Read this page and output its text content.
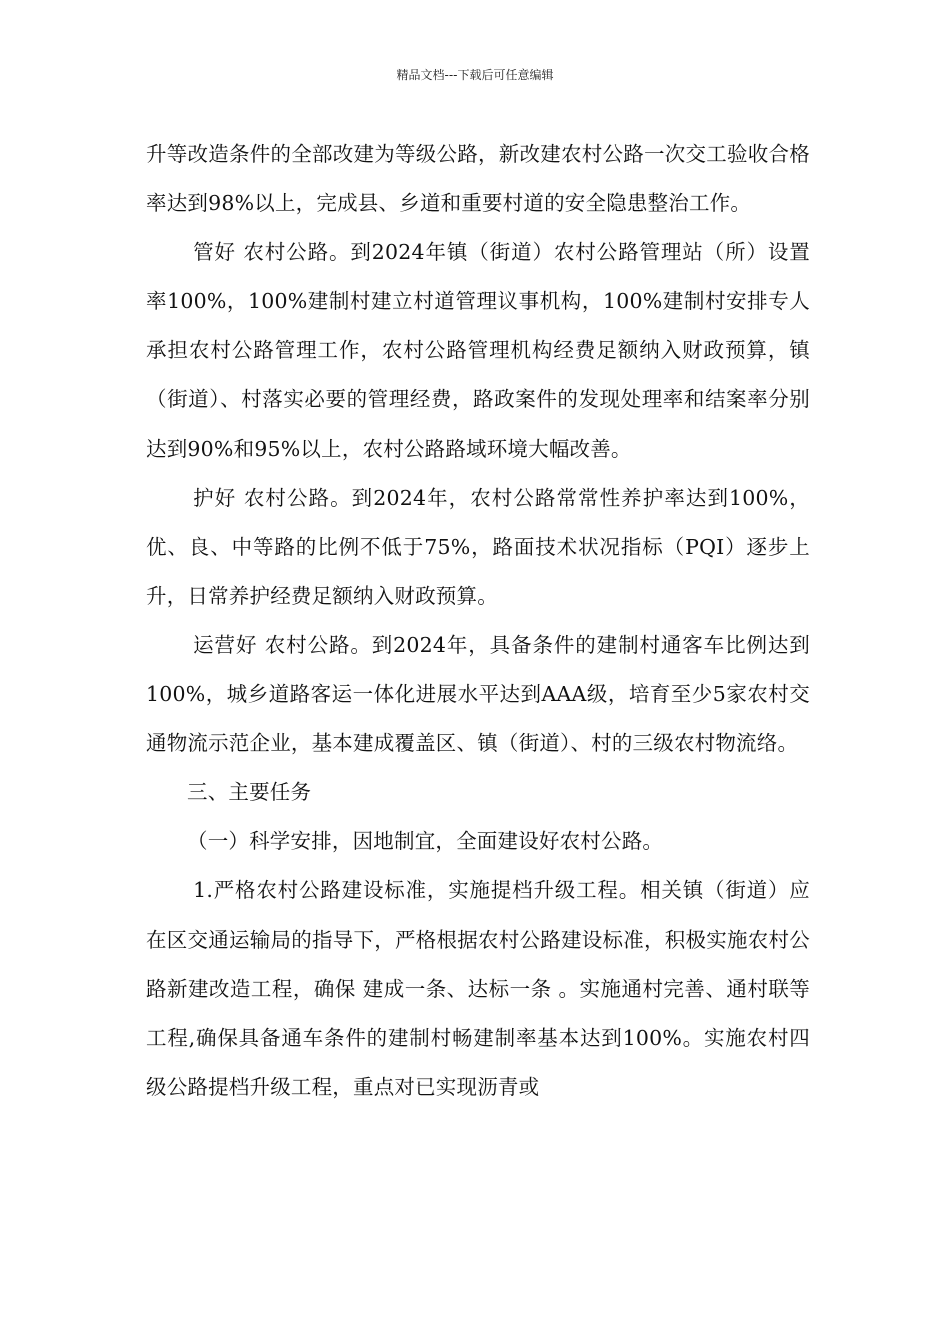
精品文档---下载后可任意编辑

升等改造条件的全部改建为等级公路，新改建农村公路一次交工验收合格率达到98%以上，完成县、乡道和重要村道的安全隐患整治工作。

管好 农村公路。到2024年镇（街道）农村公路管理站（所）设置率100%，100%建制村建立村道管理议事机构，100%建制村安排专人承担农村公路管理工作，农村公路管理机构经费足额纳入财政预算，镇（街道）、村落实必要的管理经费，路政案件的发现处理率和结案率分别达到90%和95%以上，农村公路路域环境大幅改善。

护好 农村公路。到2024年，农村公路常常性养护率达到100%，优、良、中等路的比例不低于75%，路面技术状况指标（PQI）逐步上升，日常养护经费足额纳入财政预算。

运营好 农村公路。到2024年，具备条件的建制村通客车比例达到100%，城乡道路客运一体化进展水平达到AAA级，培育至少5家农村交通物流示范企业，基本建成覆盖区、镇（街道）、村的三级农村物流络。

三、主要任务

（一）科学安排，因地制宜，全面建设好农村公路。

1.严格农村公路建设标准，实施提档升级工程。相关镇（街道）应在区交通运输局的指导下，严格根据农村公路建设标准，积极实施农村公路新建改造工程，确保 建成一条、达标一条 。实施通村完善、通村联等工程,确保具备通车条件的建制村畅建制率基本达到100%。实施农村四级公路提档升级工程，重点对已实现沥青或
